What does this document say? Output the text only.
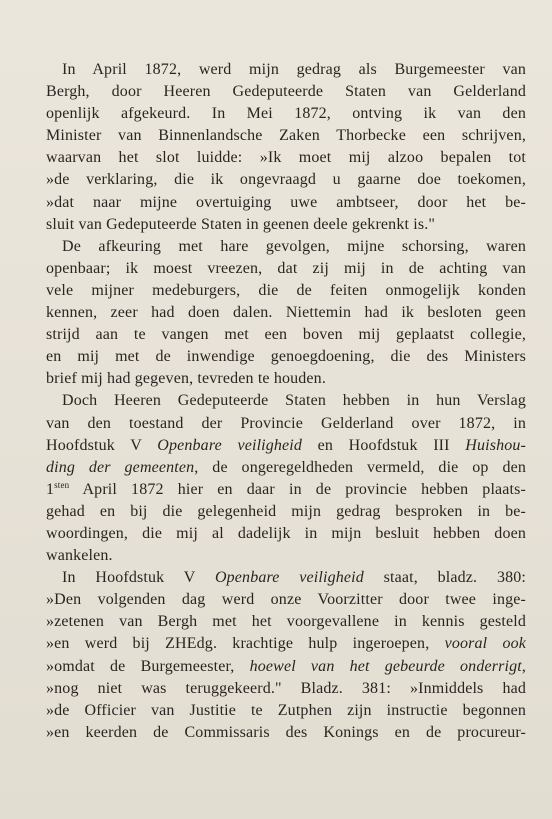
In April 1872, werd mijn gedrag als Burgemeester van
Bergh, door Heeren Gedeputeerde Staten van Gelderland
openlijk afgekeurd. In Mei 1872, ontving ik van den
Minister van Binnenlandsche Zaken Thorbecke een schrijven,
waarvan het slot luidde: »Ik moet mij alzoo bepalen tot
»de verklaring, die ik ongevraagd u gaarne doe toekomen,
»dat naar mijne overtuiging uwe ambtseer, door het be-
sluit van Gedeputeerde Staten in geenen deele gekrenkt is."
De afkeuring met hare gevolgen, mijne schorsing, waren
openbaar; ik moest vreezen, dat zij mij in de achting van
vele mijner medeburgers, die de feiten onmogelijk konden
kennen, zeer had doen dalen. Niettemin had ik besloten geen
strijd aan te vangen met een boven mij geplaatst collegie,
en mij met de inwendige genoegdoening, die des Ministers
brief mij had gegeven, tevreden te houden.
Doch Heeren Gedeputeerde Staten hebben in hun Verslag
van den toestand der Provincie Gelderland over 1872, in
Hoofdstuk V Openbare veiligheid en Hoofdstuk III Huishou-
ding der gemeenten, de ongeregeldheden vermeld, die op den
$1^{sten}$ April 1872 hier en daar in de provincie hebben plaats-
gehad en bij die gelegenheid mijn gedrag besproken in be-
woordingen, die mij al dadelijk in mijn besluit hebben doen
wankelen.
In Hoofdstuk V Openbare veiligheid staat, bladz. 380:
»Den volgenden dag werd onze Voorzitter door twee inge-
»zetenen van Bergh met het voorgevallene in kennis gesteld
»en werd bij ZHEdg. krachtige hulp ingeroepen, vooral ook
»omdat de Burgemeester, hoewel van het gebeurde onderrigt,
»nog niet was teruggekeerd." Bladz. 381: »Inmiddels had
»de Officier van Justitie te Zutphen zijn instructie begonnen
»en keerden de Commissaris des Konings en de procureur-
